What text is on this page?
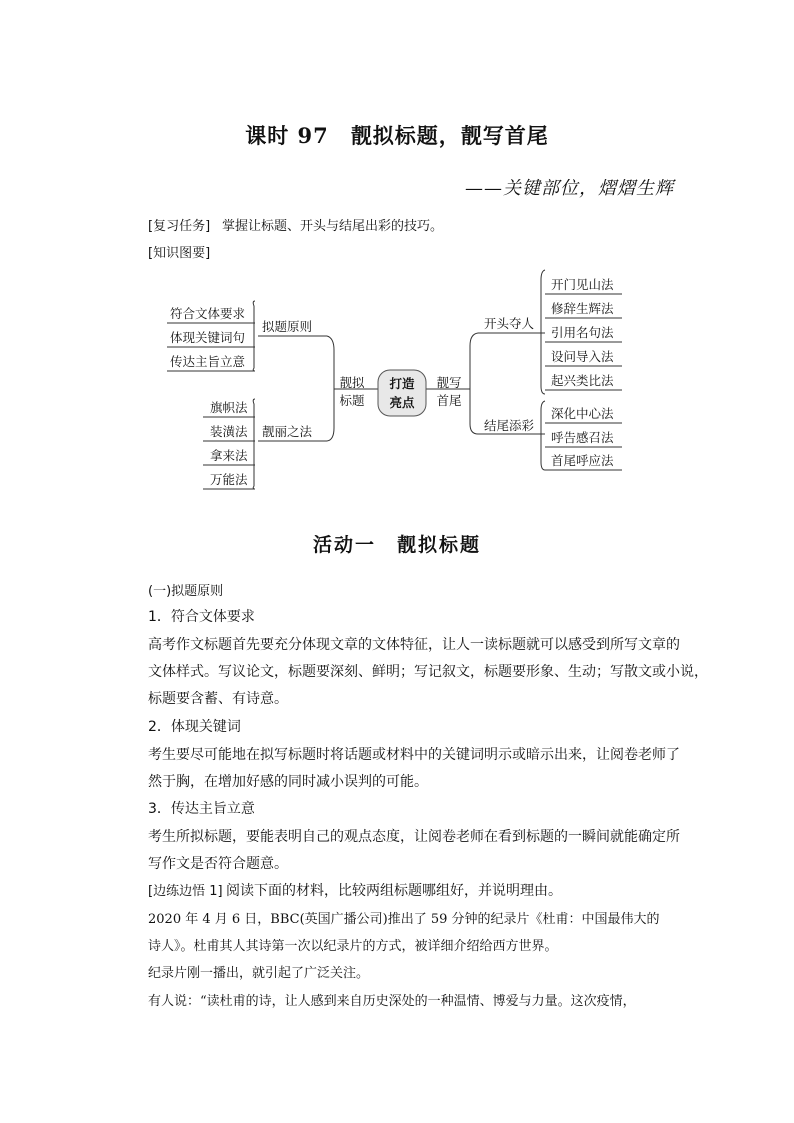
课时 97　靓拟标题，靓写首尾
——关键部位，熠熠生辉
[复习任务] 掌握让标题、开头与结尾出彩的技巧。
[知识图要]
打造
亮点
靓拟
标题
靓写
首尾
拟题原则
符合文体要求
体现关键词句
传达主旨立意
靓丽之法
旗帜法
装潢法
拿来法
万能法
开头夺人
开门见山法
修辞生辉法
引用名句法
设问导入法
起兴类比法
结尾添彩
深化中心法
呼告感召法
首尾呼应法
活动一　靓拟标题
(一)拟题原则
1．符合文体要求
高考作文标题首先要充分体现文章的文体特征，让人一读标题就可以感受到所写文章的
文体样式。写议论文，标题要深刻、鲜明；写记叙文，标题要形象、生动；写散文或小说，
标题要含蓄、有诗意。
2．体现关键词
考生要尽可能地在拟写标题时将话题或材料中的关键词明示或暗示出来，让阅卷老师了
然于胸，在增加好感的同时减小误判的可能。
3．传达主旨立意
考生所拟标题，要能表明自己的观点态度，让阅卷老师在看到标题的一瞬间就能确定所
写作文是否符合题意。
[边练边悟 1] 阅读下面的材料，比较两组标题哪组好，并说明理由。
2020 年 4 月 6 日，BBC(英国广播公司)推出了 59 分钟的纪录片《杜甫：中国最伟大的
诗人》。杜甫其人其诗第一次以纪录片的方式，被详细介绍给西方世界。
纪录片刚一播出，就引起了广泛关注。
有人说：“读杜甫的诗，让人感到来自历史深处的一种温情、博爱与力量。这次疫情，
